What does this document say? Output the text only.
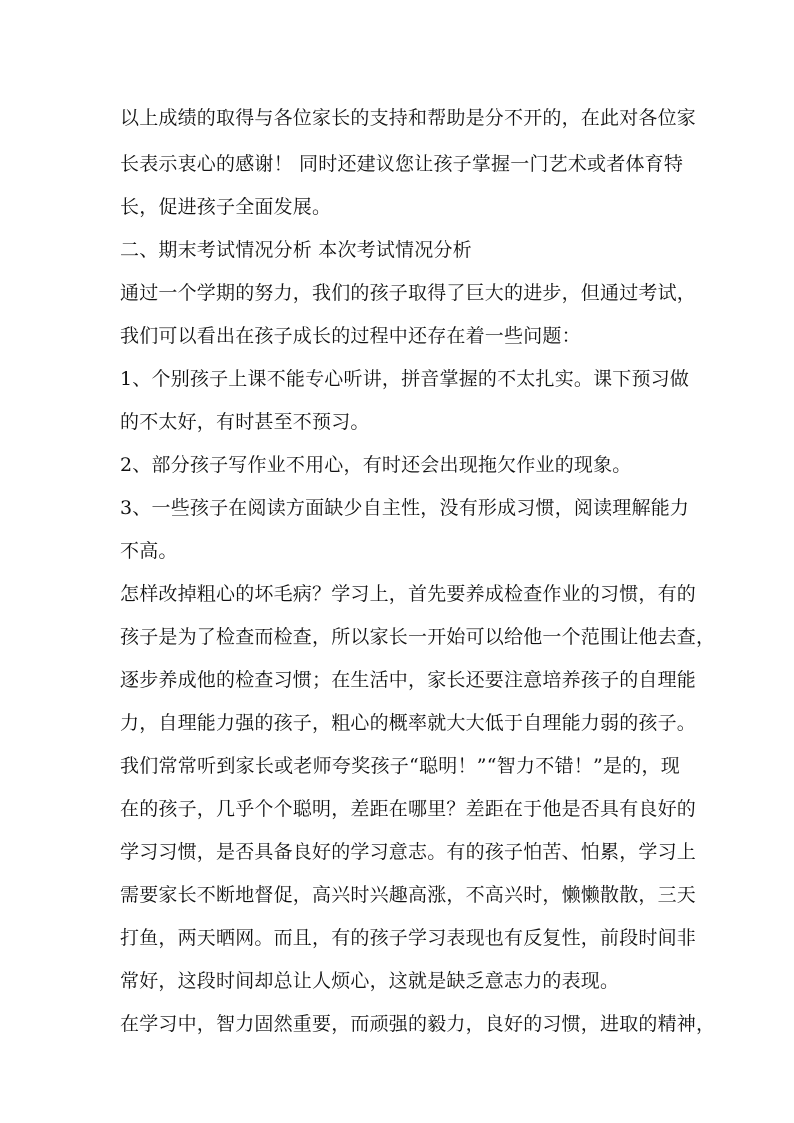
以上成绩的取得与各位家长的支持和帮助是分不开的，在此对各位家
长表示衷心的感谢！ 同时还建议您让孩子掌握一门艺术或者体育特
长，促进孩子全面发展。
二、期末考试情况分析 本次考试情况分析
通过一个学期的努力，我们的孩子取得了巨大的进步，但通过考试，
我们可以看出在孩子成长的过程中还存在着一些问题：
1、个别孩子上课不能专心听讲，拼音掌握的不太扎实。课下预习做
的不太好，有时甚至不预习。
2、部分孩子写作业不用心，有时还会出现拖欠作业的现象。
3、一些孩子在阅读方面缺少自主性，没有形成习惯，阅读理解能力
不高。
怎样改掉粗心的坏毛病？学习上，首先要养成检查作业的习惯，有的
孩子是为了检查而检查，所以家长一开始可以给他一个范围让他去查，
逐步养成他的检查习惯；在生活中，家长还要注意培养孩子的自理能
力，自理能力强的孩子，粗心的概率就大大低于自理能力弱的孩子。
我们常常听到家长或老师夸奖孩子“聪明！”“智力不错！”是的，现
在的孩子，几乎个个聪明，差距在哪里？差距在于他是否具有良好的
学习习惯，是否具备良好的学习意志。有的孩子怕苦、怕累，学习上
需要家长不断地督促，高兴时兴趣高涨，不高兴时，懒懒散散，三天
打鱼，两天晒网。而且，有的孩子学习表现也有反复性，前段时间非
常好，这段时间却总让人烦心，这就是缺乏意志力的表现。
在学习中，智力固然重要，而顽强的毅力，良好的习惯，进取的精神，
